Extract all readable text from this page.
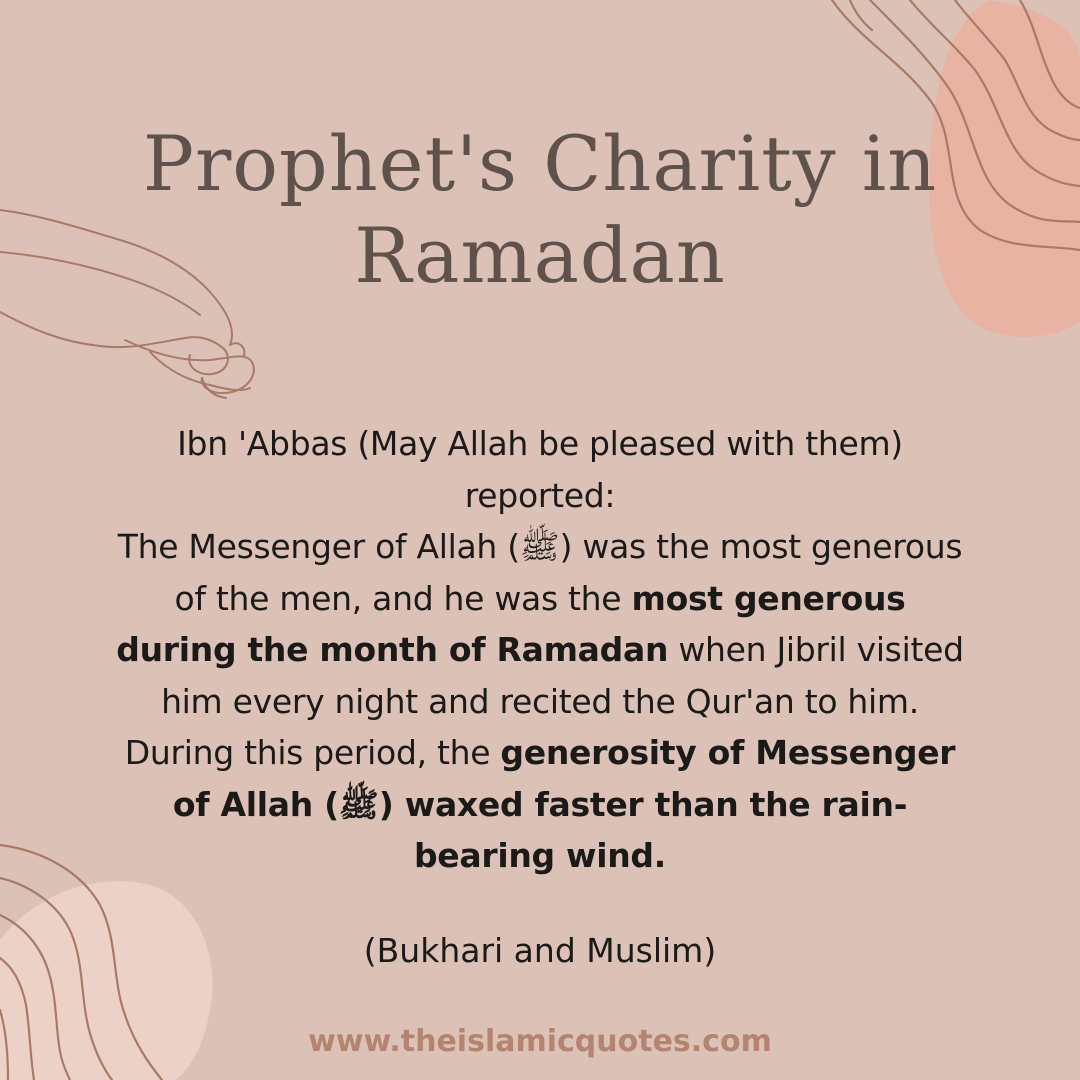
Prophet's Charity in
Ramadan

Ibn 'Abbas (May Allah be pleased with them) reported:

The Messenger of Allah (ﷺ) was the most generous of the men, and he was the most generous during the month of Ramadan when Jibril visited him every night and recited the Qur'an to him. During this period, the generosity of Messenger of Allah (ﷺ) waxed faster than the rain-bearing wind.

(Bukhari and Muslim)

www.theislamicquotes.com
